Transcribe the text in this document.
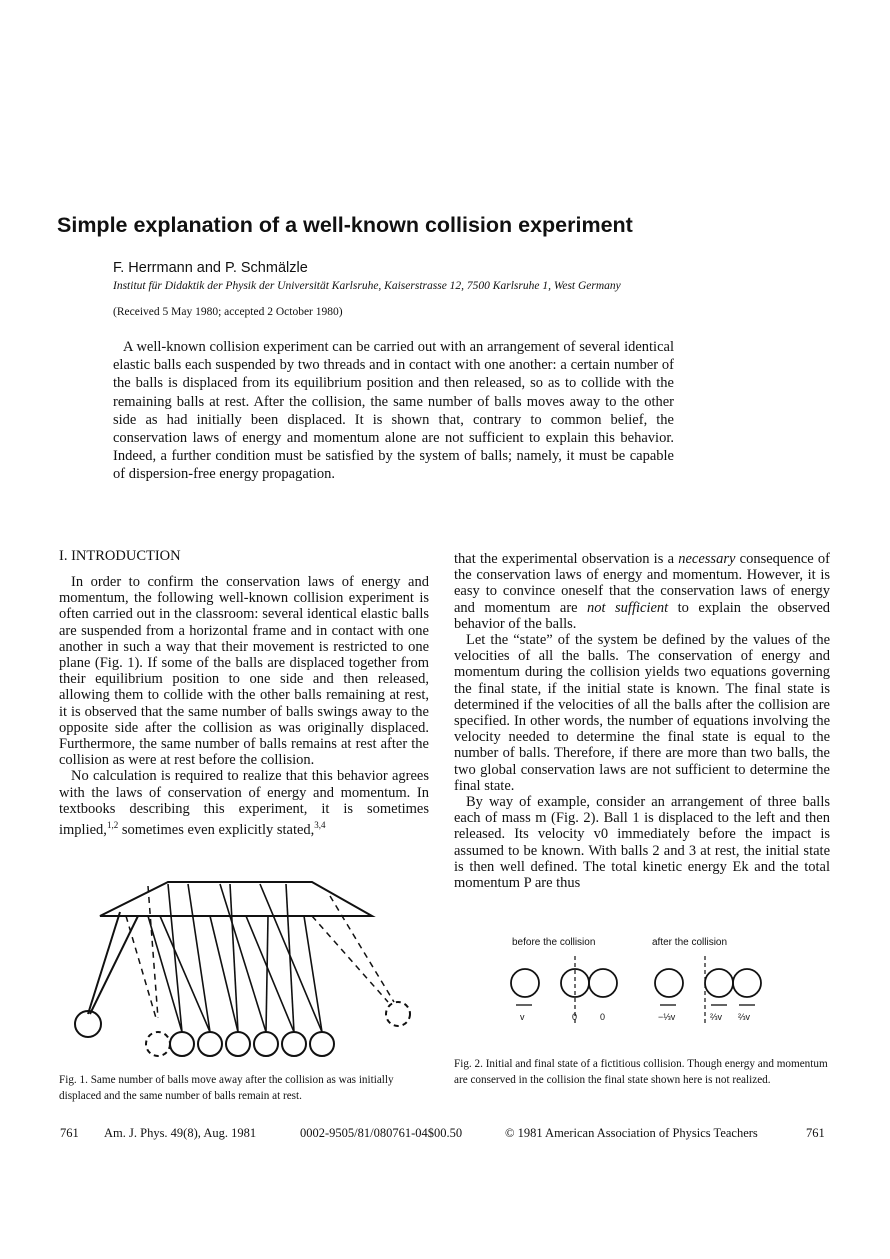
Simple explanation of a well-known collision experiment
F. Herrmann and P. Schmälzle
Institut für Didaktik der Physik der Universität Karlsruhe, Kaiserstrasse 12, 7500 Karlsruhe 1, West Germany
(Received 5 May 1980; accepted 2 October 1980)

A well-known collision experiment can be carried out with an arrangement of several identical elastic balls each suspended by two threads and in contact with one another: a certain number of the balls is displaced from its equilibrium position and then released, so as to collide with the remaining balls at rest. After the collision, the same number of balls moves away to the other side as had initially been displaced. It is shown that, contrary to common belief, the conservation laws of energy and momentum alone are not sufficient to explain this behavior. Indeed, a further condition must be satisfied by the system of balls; namely, it must be capable of dispersion-free energy propagation.

I. INTRODUCTION

In order to confirm the conservation laws of energy and momentum, the following well-known collision experiment is often carried out in the classroom: several identical elastic balls are suspended from a horizontal frame and in contact with one another in such a way that their movement is restricted to one plane (Fig. 1). If some of the balls are displaced together from their equilibrium position to one side and then released, allowing them to collide with the other balls remaining at rest, it is observed that the same number of balls swings away to the opposite side after the collision as was originally displaced. Furthermore, the same number of balls remains at rest after the collision as were at rest before the collision.

No calculation is required to realize that this behavior agrees with the laws of conservation of energy and momentum. In textbooks describing this experiment, it is sometimes implied,$^{1,2}$ sometimes even explicitly stated,$^{3,4}$

that the experimental observation is a necessary consequence of the conservation laws of energy and momentum. However, it is easy to convince oneself that the conservation laws of energy and momentum are not sufficient to explain the observed behavior of the balls.

Let the “state” of the system be defined by the values of the velocities of all the balls. The conservation of energy and momentum during the collision yields two equations governing the final state, if the initial state is known. The final state is determined if the velocities of all the balls after the collision are specified. In other words, the number of equations involving the velocity needed to determine the final state is equal to the number of balls. Therefore, if there are more than two balls, the two global conservation laws are not sufficient to determine the final state.

By way of example, consider an arrangement of three balls each of mass m (Fig. 2). Ball 1 is displaced to the left and then released. Its velocity v0 immediately before the impact is assumed to be known. With balls 2 and 3 at rest, the initial state is then well defined. The total kinetic energy Ek and the total momentum P are thus

before the collision	after the collision
v	0	0	−⅓v	⅔v ⅔v
Fig. 1. Same number of balls move away after the collision as was initially displaced and the same number of balls remain at rest.
Fig. 2. Initial and final state of a fictitious collision. Though energy and momentum are conserved in the collision the final state shown here is not realized.
761 Am. J. Phys. 49(8), Aug. 1981	0002-9505/81/080761-04$00.50	© 1981 American Association of Physics Teachers	761
